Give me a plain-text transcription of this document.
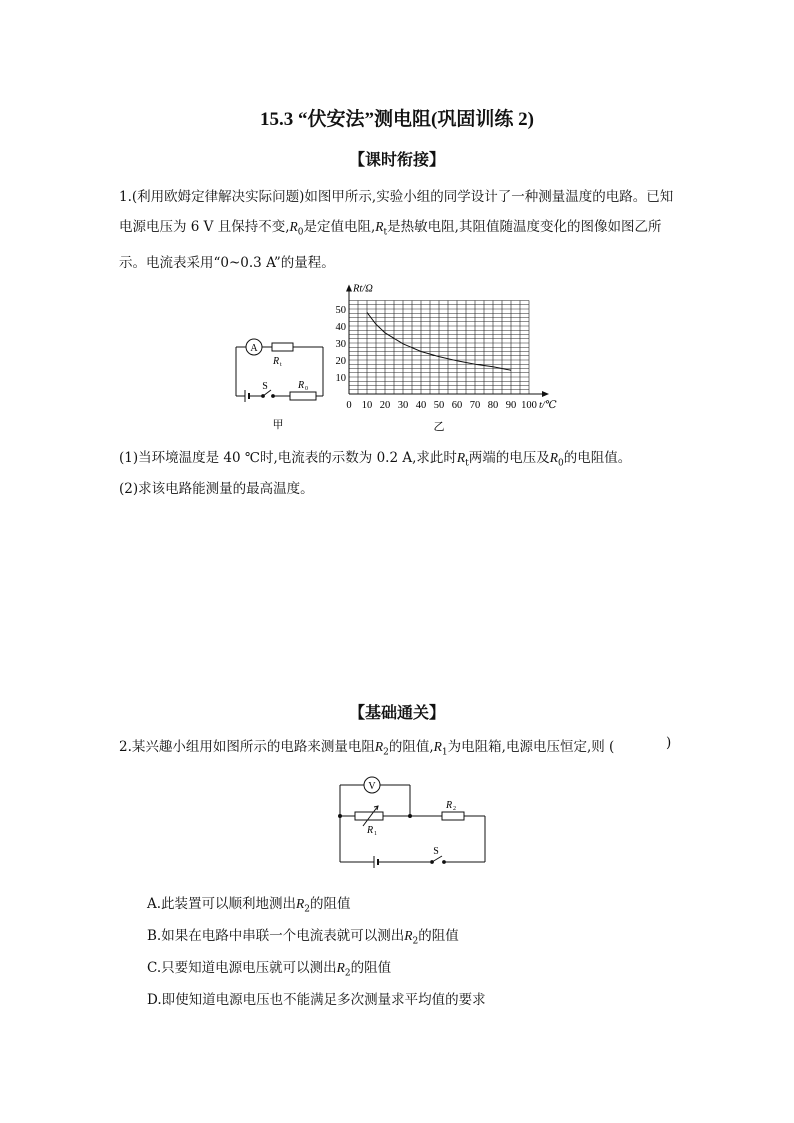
15.3 “伏安法”测电阻(巩固训练 2)
【课时衔接】
1.(利用欧姆定律解决实际问题)如图甲所示,实验小组的同学设计了一种测量温度的电路。已知电源电压为 6 V 且保持不变$,R_0$是定值电阻$,R_t$是热敏电阻,其阻值随温度变化的图像如图乙所示。电流表采用“0~0.3 A”的量程。
A
R t
S	R 0
甲
0 10 20 30 40 50 60 70 80 90 100
10
20
30
40
50
Rt/Ω
t/℃
乙
(1)当环境温度是 40 ℃时,电流表的示数为 0.2 A,求此时$R_t$两端的电压及$R_0$的电阻值。
(2)求该电路能测量的最高温度。
【基础通关】
2.某兴趣小组用如图所示的电路来测量电阻$R_2$的阻值$,R_1$为电阻箱,电源电压恒定,则 (	)
V
R 1
R 2
S
A.此装置可以顺利地测出$R_2$的阻值
B.如果在电路中串联一个电流表就可以测出$R_2$的阻值
C.只要知道电源电压就可以测出$R_2$的阻值
D.即使知道电源电压也不能满足多次测量求平均值的要求
